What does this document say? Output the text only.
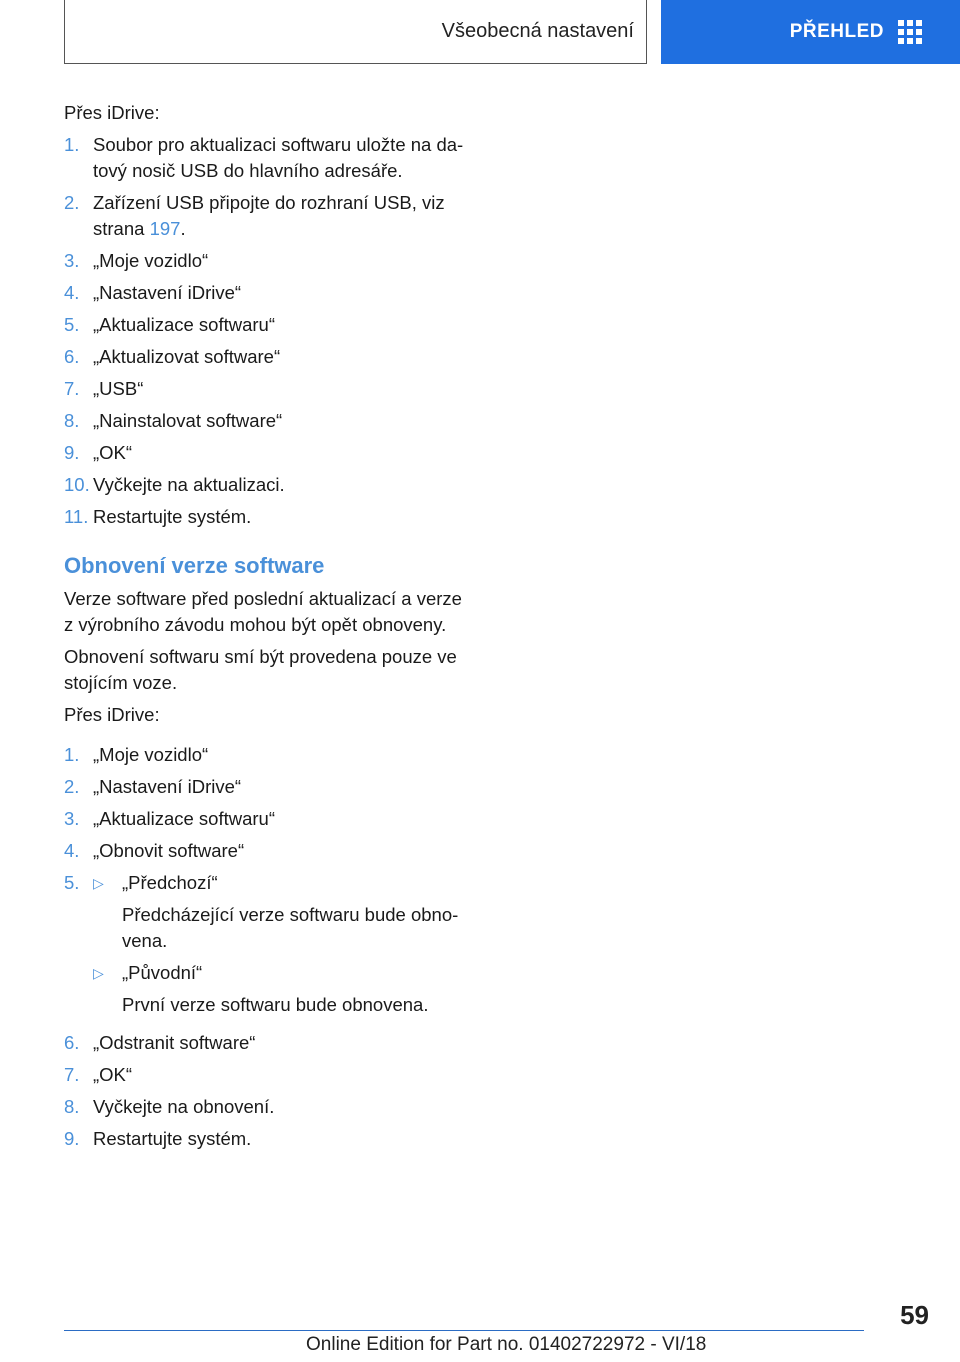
Všeobecná nastavení	PŘEHLED

Přes iDrive:

1. Soubor pro aktualizaci softwaru uložte na da‐ tový nosič USB do hlavního adresáře.
2. Zařízení USB připojte do rozhraní USB, viz strana 197.
3. „Moje vozidlo“
4. „Nastavení iDrive“
5. „Aktualizace softwaru“
6. „Aktualizovat software“
7. „USB“
8. „Nainstalovat software“
9. „OK“
10. Vyčkejte na aktualizaci.
11. Restartujte systém.
Obnovení verze software

Verze software před poslední aktualizací a verze z výrobního závodu mohou být opět obnoveny.

Obnovení softwaru smí být provedena pouze ve stojícím voze.

Přes iDrive:

1. „Moje vozidlo“
2. „Nastavení iDrive“
3. „Aktualizace softwaru“
4. „Obnovit software“
5. ▷ „Předchozí“
Předcházející verze softwaru bude obno‐ vena.
▷ „Původní“
První verze softwaru bude obnovena.
6. „Odstranit software“
7. „OK“
8. Vyčkejte na obnovení.
9. Restartujte systém.
59
Online Edition for Part no. 01402722972 - VI/18
